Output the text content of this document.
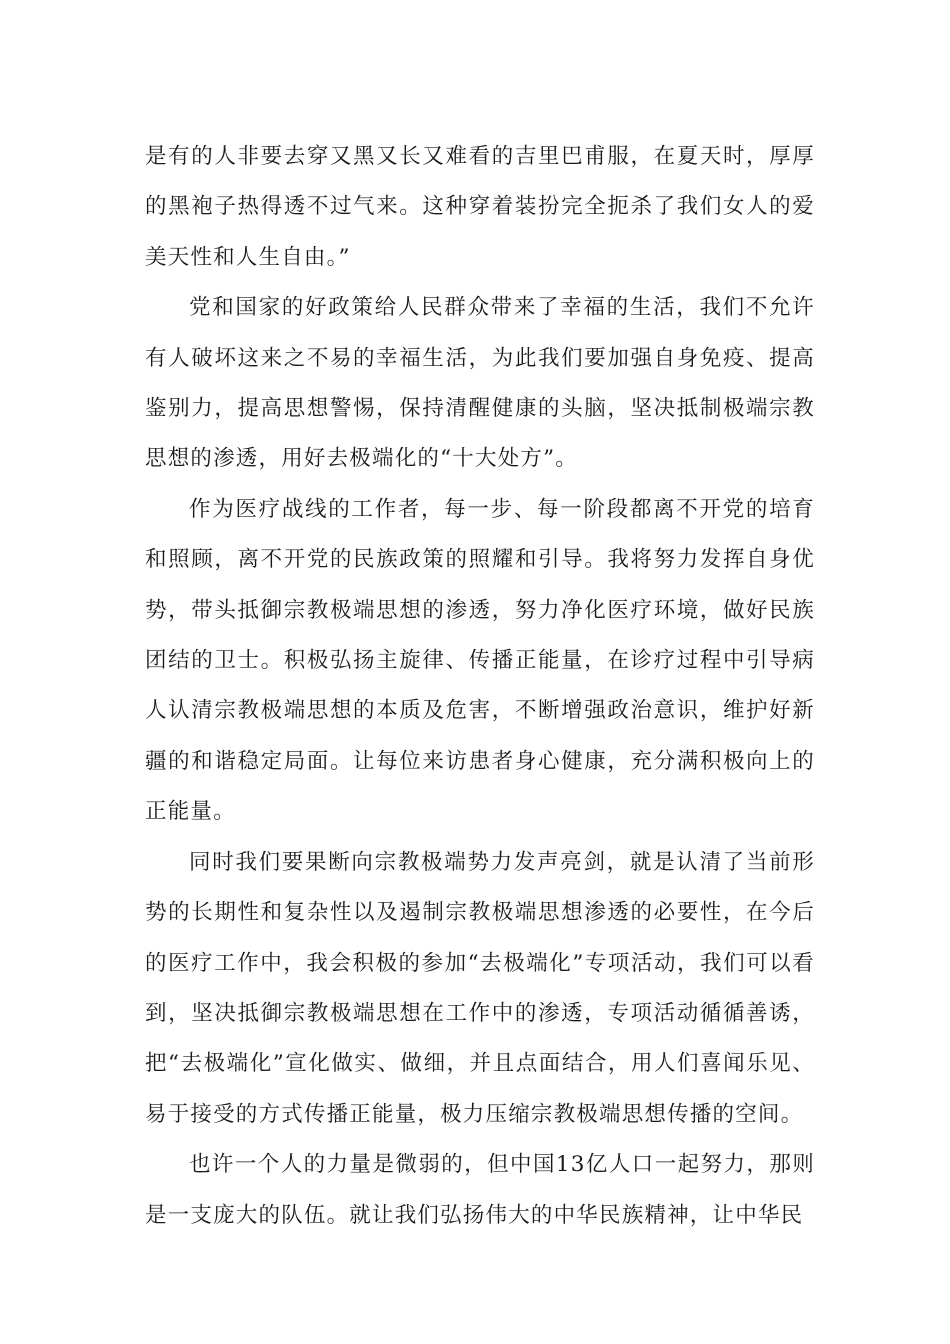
是有的人非要去穿又黑又长又难看的吉里巴甫服，在夏天时，厚厚的黑袍子热得透不过气来。这种穿着装扮完全扼杀了我们女人的爱美天性和人生自由。”

党和国家的好政策给人民群众带来了幸福的生活，我们不允许有人破坏这来之不易的幸福生活，为此我们要加强自身免疫、提高鉴别力，提高思想警惕，保持清醒健康的头脑，坚决抵制极端宗教思想的渗透，用好去极端化的“十大处方”。

作为医疗战线的工作者，每一步、每一阶段都离不开党的培育和照顾，离不开党的民族政策的照耀和引导。我将努力发挥自身优势，带头抵御宗教极端思想的渗透，努力净化医疗环境，做好民族团结的卫士。积极弘扬主旋律、传播正能量，在诊疗过程中引导病人认清宗教极端思想的本质及危害，不断增强政治意识，维护好新疆的和谐稳定局面。让每位来访患者身心健康，充分满积极向上的正能量。

同时我们要果断向宗教极端势力发声亮剑，就是认清了当前形势的长期性和复杂性以及遏制宗教极端思想渗透的必要性，在今后的医疗工作中，我会积极的参加“去极端化”专项活动，我们可以看到，坚决抵御宗教极端思想在工作中的渗透，专项活动循循善诱，把“去极端化”宣化做实、做细，并且点面结合，用人们喜闻乐见、易于接受的方式传播正能量，极力压缩宗教极端思想传播的空间。

也许一个人的力量是微弱的，但中国13亿人口一起努力，那则是一支庞大的队伍。就让我们弘扬伟大的中华民族精神，让中华民
